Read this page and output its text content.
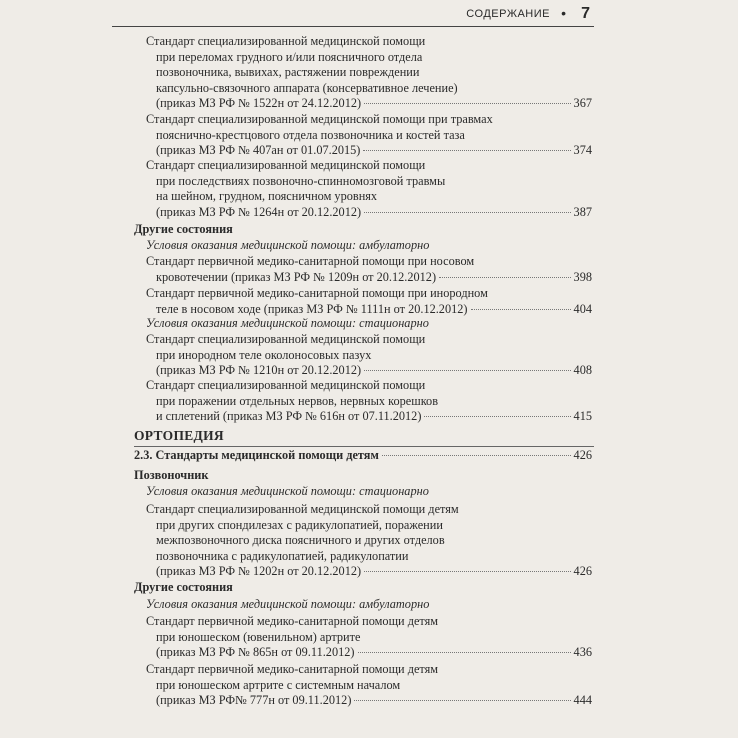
СОДЕРЖАНИЕ • 7
Стандарт специализированной медицинской помощи
при переломах грудного и/или поясничного отдела
позвоночника, вывихах, растяжении повреждении
капсульно-связочного аппарата (консервативное лечение)
(приказ МЗ РФ № 1522н от 24.12.2012)	367
Стандарт специализированной медицинской помощи при травмах
пояснично-крестцового отдела позвоночника и костей таза
(приказ МЗ РФ № 407ан от 01.07.2015)	374
Стандарт специализированной медицинской помощи
при последствиях позвоночно-спинномозговой травмы
на шейном, грудном, поясничном уровнях
(приказ МЗ РФ № 1264н от 20.12.2012)	387
Другие состояния
Условия оказания медицинской помощи: амбулаторно
Стандарт первичной медико-санитарной помощи при носовом
кровотечении (приказ МЗ РФ № 1209н от 20.12.2012)	398
Стандарт первичной медико-санитарной помощи при инородном
теле в носовом ходе (приказ МЗ РФ № 1111н от 20.12.2012)	404
Условия оказания медицинской помощи: стационарно
Стандарт специализированной медицинской помощи
при инородном теле околоносовых пазух
(приказ МЗ РФ № 1210н от 20.12.2012)	408
Стандарт специализированной медицинской помощи
при поражении отдельных нервов, нервных корешков
и сплетений (приказ МЗ РФ № 616н от 07.11.2012)	415
ОРТОПЕДИЯ
2.3. Стандарты медицинской помощи детям	426
Позвоночник
Условия оказания медицинской помощи: стационарно
Стандарт специализированной медицинской помощи детям
при других спондилезах с радикулопатией, поражении
межпозвоночного диска поясничного и других отделов
позвоночника с радикулопатией, радикулопатии
(приказ МЗ РФ № 1202н от 20.12.2012)	426
Другие состояния
Условия оказания медицинской помощи: амбулаторно
Стандарт первичной медико-санитарной помощи детям
при юношеском (ювенильном) артрите
(приказ МЗ РФ № 865н от 09.11.2012)	436
Стандарт первичной медико-санитарной помощи детям
при юношеском артрите с системным началом
(приказ МЗ РФ№ 777н от 09.11.2012)	444
